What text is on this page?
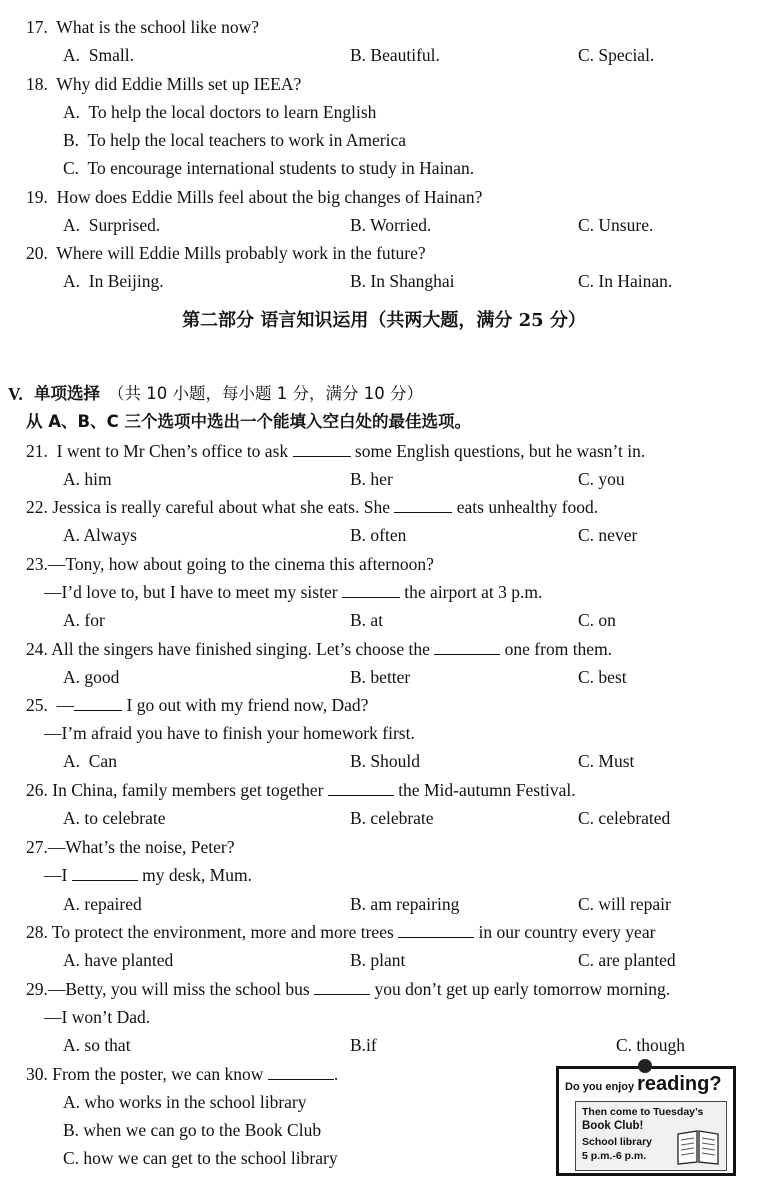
17.  What is the school like now?
A.  Small.	B. Beautiful.	C. Special.
18.  Why did Eddie Mills set up IEEA?
A.  To help the local doctors to learn English
B.  To help the local teachers to work in America
C.  To encourage international students to study in Hainan.
19.  How does Eddie Mills feel about the big changes of Hainan?
A.  Surprised.	B. Worried.	C. Unsure.
20.  Where will Eddie Mills probably work in the future?
A.  In Beijing.	B. In Shanghai	C. In Hainan.
第二部分 语言知识运用（共两大题，满分 25 分）
V. 单项选择 （共 10 小题，每小题 1 分，满分 10 分）
从 A、B、C 三个选项中选出一个能填入空白处的最佳选项。
21.  I went to Mr Chen’s office to ask	some English questions, but he wasn’t in.
A. him	B. her	C. you
22. Jessica is really careful about what she eats. She	eats unhealthy food.
A. Always	B. often	C. never
23.—Tony, how about going to the cinema this afternoon?
—I’d love to, but I have to meet my sister	the airport at 3 p.m.
A. for	B. at	C. on
24. All the singers have finished singing. Let’s choose the	one from them.
A. good	B. better	C. best
25.  —	I go out with my friend now, Dad?
—I’m afraid you have to finish your homework first.
A.  Can	B. Should	C. Must
26. In China, family members get together	the Mid-autumn Festival.
A. to celebrate	B. celebrate	C. celebrated
27.—What’s the noise, Peter?
—I	my desk, Mum.
A. repaired	B. am repairing	C. will repair
28. To protect the environment, more and more trees	in our country every year
A. have planted	B. plant	C. are planted
29.—Betty, you will miss the school bus	you don’t get up early tomorrow morning.
—I won’t Dad.
A. so that	B.if	C. though
30. From the poster, we can know	.
A. who works in the school library
B. when we can go to the Book Club
C. how we can get to the school library
Do you enjoy reading?
Then come to Tuesday’s
Book Club!
School library
5 p.m.-6 p.m.
